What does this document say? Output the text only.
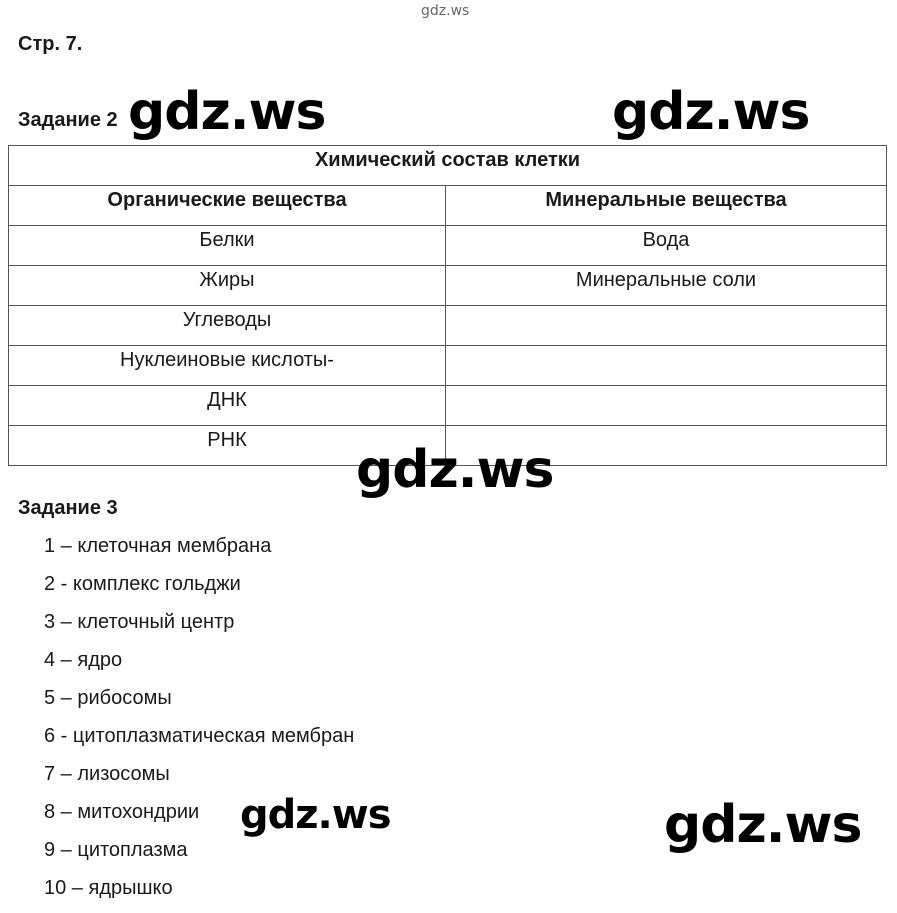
gdz.ws
Стр. 7.
Задание 2
Химический состав клетки	
Органические вещества	Минеральные вещества
Белки	Вода
Жиры	Минеральные соли
Углеводы	
Нуклеиновые кислоты-	
ДНК	
РНК	
Задание 3
1 – клеточная мембрана
2 - комплекс гольджи
3 – клеточный центр
4 – ядро
5 – рибосомы
6 - цитоплазматическая мембран
7 – лизосомы
8 – митохондрии
9 – цитоплазма
10 – ядрышко
gdz.ws	gdz.ws
gdz.ws
gdz.ws	gdz.ws
